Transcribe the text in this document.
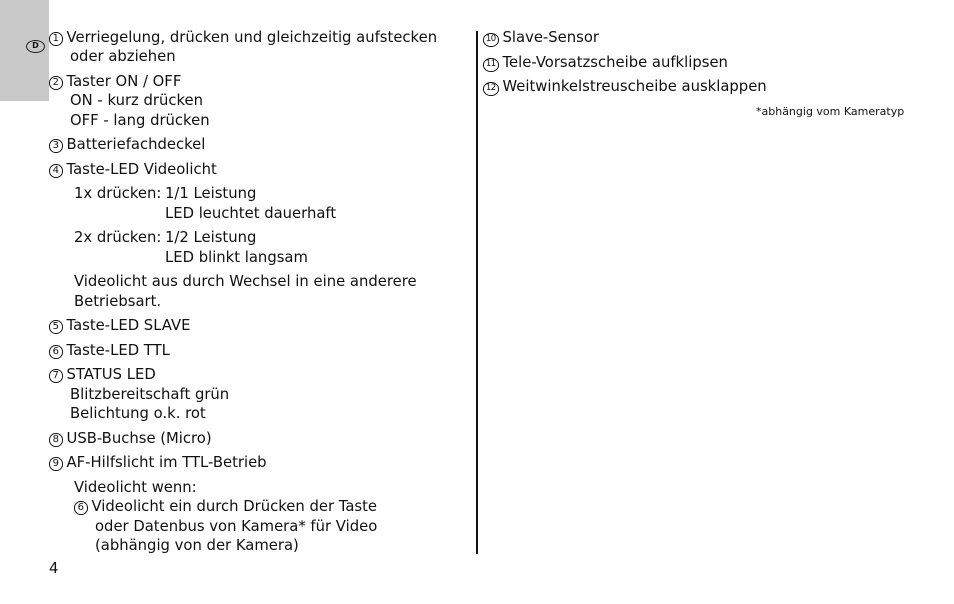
D
1 Verriegelung, drücken und gleichzeitig aufstecken
oder abziehen
2 Taster ON / OFF
ON - kurz drücken
OFF - lang drücken
3 Batteriefachdeckel
4 Taste-LED Videolicht
1x drücken: 1/1 Leistung
LED leuchtet dauerhaft
2x drücken: 1/2 Leistung
LED blinkt langsam
Videolicht aus durch Wechsel in eine anderere
Betriebsart.
5 Taste-LED SLAVE
6 Taste-LED TTL
7 STATUS LED
Blitzbereitschaft grün
Belichtung o.k. rot
8 USB-Buchse (Micro)
9 AF-Hilfslicht im TTL-Betrieb
Videolicht wenn:
6 Videolicht ein durch Drücken der Taste
oder Datenbus von Kamera* für Video
(abhängig von der Kamera)
10 Slave-Sensor
11 Tele-Vorsatzscheibe aufklipsen
12 Weitwinkelstreuscheibe ausklappen
*abhängig vom Kameratyp
4
